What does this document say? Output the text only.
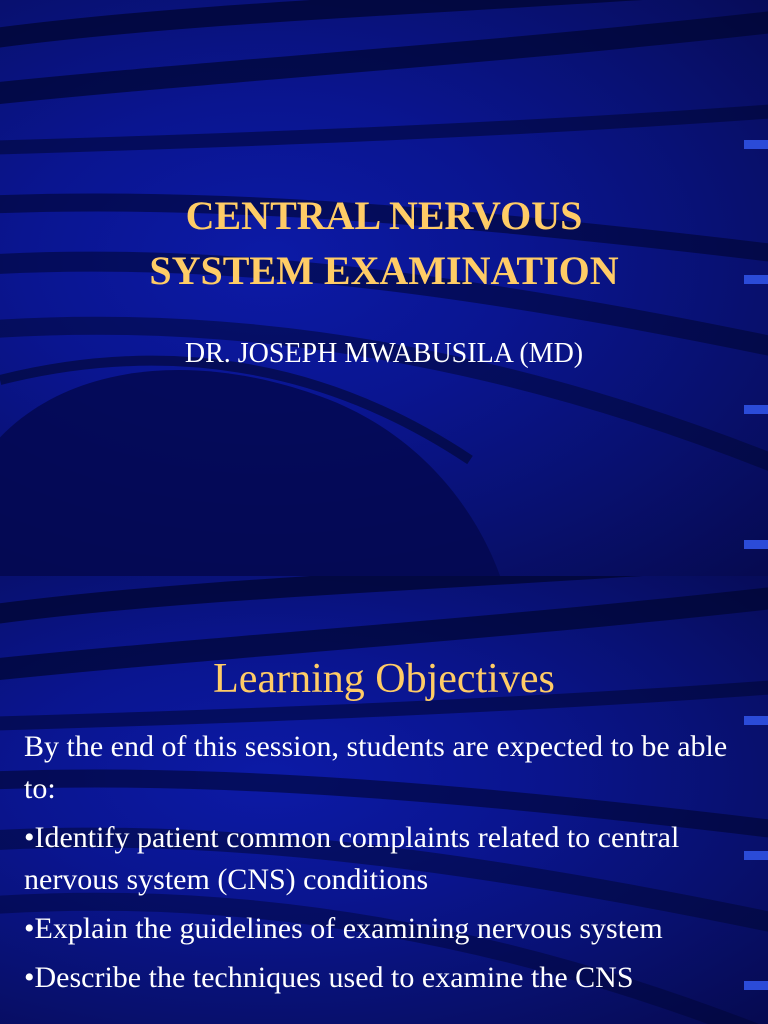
CENTRAL NERVOUS
SYSTEM EXAMINATION
DR. JOSEPH MWABUSILA (MD)
Learning Objectives

By the end of this session, students are expected to be able to:

•Identify patient common complaints related to central nervous system (CNS) conditions

•Explain the guidelines of examining nervous system

•Describe the techniques used to examine the CNS
